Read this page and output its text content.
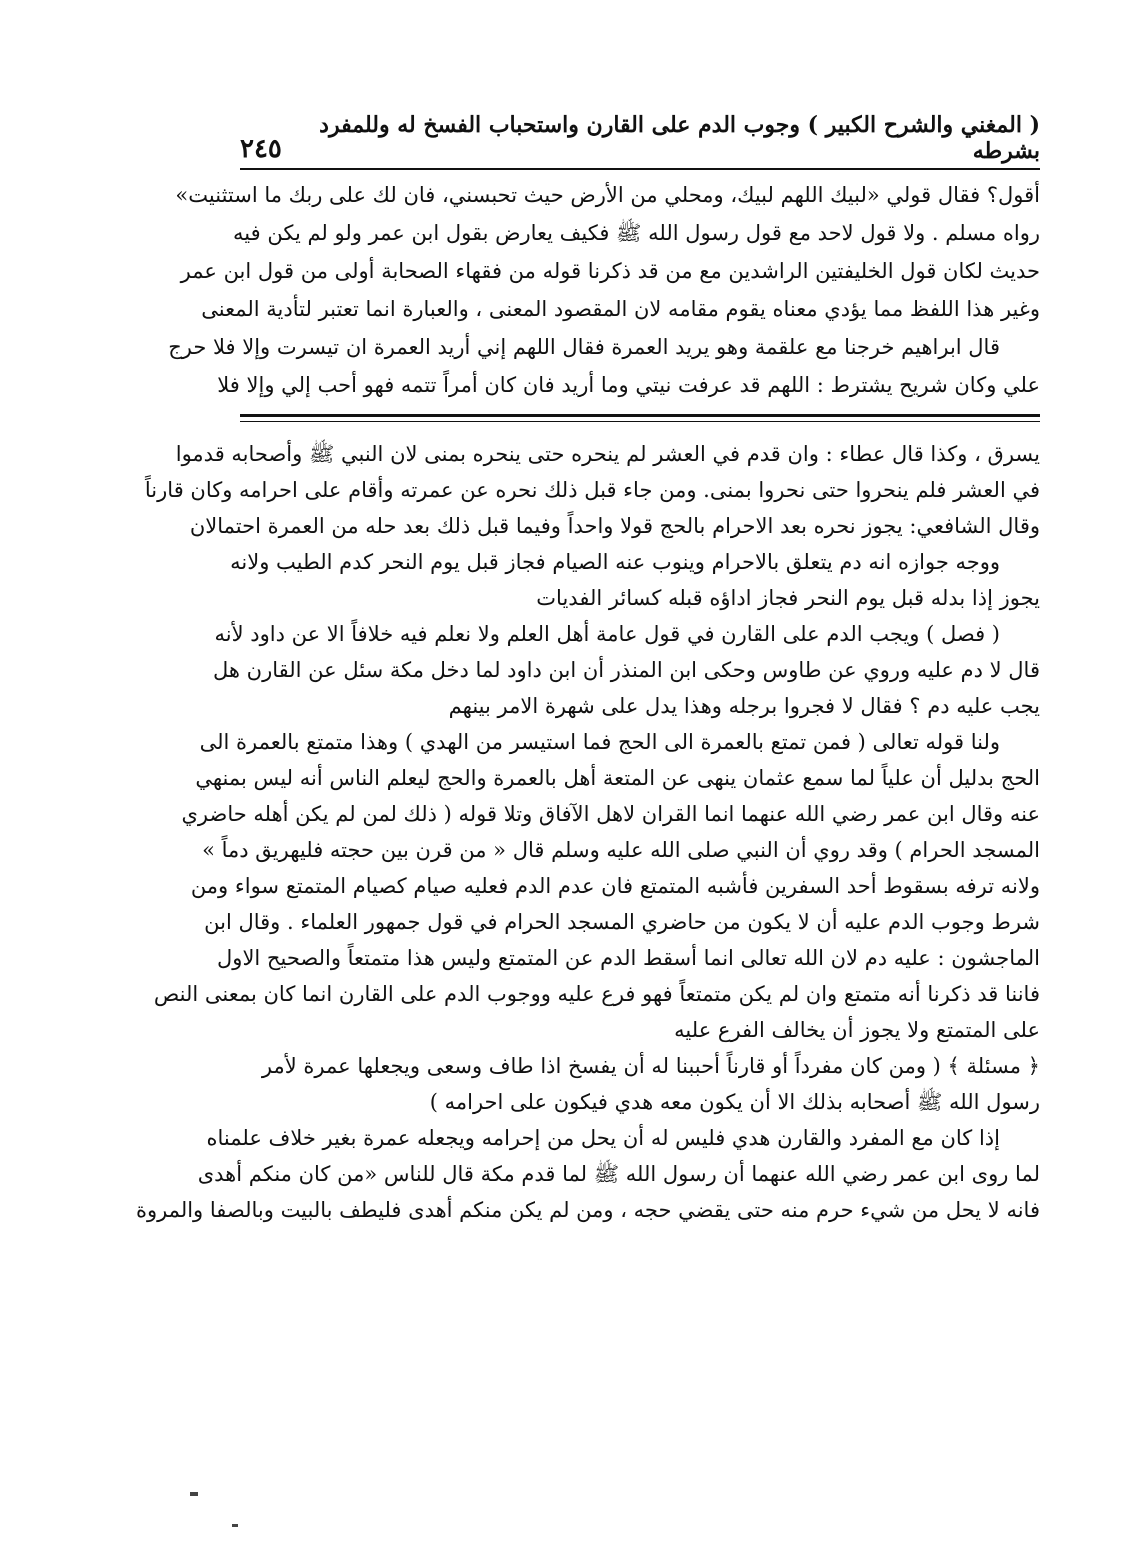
( المغني والشرح الكبير ) وجوب الدم على القارن واستحباب الفسخ له وللمفرد بشرطه
٢٤٥
أقول؟ فقال قولي «لبيك اللهم لبيك، ومحلي من الأرض حيث تحبسني، فان لك على ربك ما استثنيت»
رواه مسلم . ولا قول لاحد مع قول رسول الله ﷺ فكيف يعارض بقول ابن عمر ولو لم يكن فيه
حديث لكان قول الخليفتين الراشدين مع من قد ذكرنا قوله من فقهاء الصحابة أولى من قول ابن عمر
وغير هذا اللفظ مما يؤدي معناه يقوم مقامه لان المقصود المعنى ، والعبارة انما تعتبر لتأدية المعنى
قال ابراهيم خرجنا مع علقمة وهو يريد العمرة فقال اللهم إني أريد العمرة ان تيسرت وإلا فلا حرج
علي وكان شريح يشترط : اللهم قد عرفت نيتي وما أريد فان كان أمراً تتمه فهو أحب إلي وإلا فلا
يسرق ، وكذا قال عطاء : وان قدم في العشر لم ينحره حتى ينحره بمنى لان النبي ﷺ وأصحابه قدموا
في العشر فلم ينحروا حتى نحروا بمنى. ومن جاء قبل ذلك نحره عن عمرته وأقام على احرامه وكان قارناً
وقال الشافعي: يجوز نحره بعد الاحرام بالحج قولا واحداً وفيما قبل ذلك بعد حله من العمرة احتمالان
ووجه جوازه انه دم يتعلق بالاحرام وينوب عنه الصيام فجاز قبل يوم النحر كدم الطيب ولانه
يجوز إذا بدله قبل يوم النحر فجاز اداؤه قبله كسائر الفديات
( فصل ) ويجب الدم على القارن في قول عامة أهل العلم ولا نعلم فيه خلافاً الا عن داود لأنه
قال لا دم عليه وروي عن طاوس وحكى ابن المنذر أن ابن داود لما دخل مكة سئل عن القارن هل
يجب عليه دم ؟ فقال لا فجروا برجله وهذا يدل على شهرة الامر بينهم
ولنا قوله تعالى ( فمن تمتع بالعمرة الى الحج فما استيسر من الهدي ) وهذا متمتع بالعمرة الى
الحج بدليل أن علياً لما سمع عثمان ينهى عن المتعة أهل بالعمرة والحج ليعلم الناس أنه ليس بمنهي
عنه وقال ابن عمر رضي الله عنهما انما القران لاهل الآفاق وتلا قوله ( ذلك لمن لم يكن أهله حاضري
المسجد الحرام ) وقد روي أن النبي صلى الله عليه وسلم قال « من قرن بين حجته فليهريق دماً »
ولانه ترفه بسقوط أحد السفرين فأشبه المتمتع فان عدم الدم فعليه صيام كصيام المتمتع سواء ومن
شرط وجوب الدم عليه أن لا يكون من حاضري المسجد الحرام في قول جمهور العلماء . وقال ابن
الماجشون : عليه دم لان الله تعالى انما أسقط الدم عن المتمتع وليس هذا متمتعاً والصحيح الاول
فاننا قد ذكرنا أنه متمتع وان لم يكن متمتعاً فهو فرع عليه ووجوب الدم على القارن انما كان بمعنى النص
على المتمتع ولا يجوز أن يخالف الفرع عليه
﴿ مسئلة ﴾ ( ومن كان مفرداً أو قارناً أحببنا له أن يفسخ اذا طاف وسعى ويجعلها عمرة لأمر
رسول الله ﷺ أصحابه بذلك الا أن يكون معه هدي فيكون على احرامه )
إذا كان مع المفرد والقارن هدي فليس له أن يحل من إحرامه ويجعله عمرة بغير خلاف علمناه
لما روى ابن عمر رضي الله عنهما أن رسول الله ﷺ لما قدم مكة قال للناس «من كان منكم أهدى
فانه لا يحل من شيء حرم منه حتى يقضي حجه ، ومن لم يكن منكم أهدى فليطف بالبيت وبالصفا والمروة
